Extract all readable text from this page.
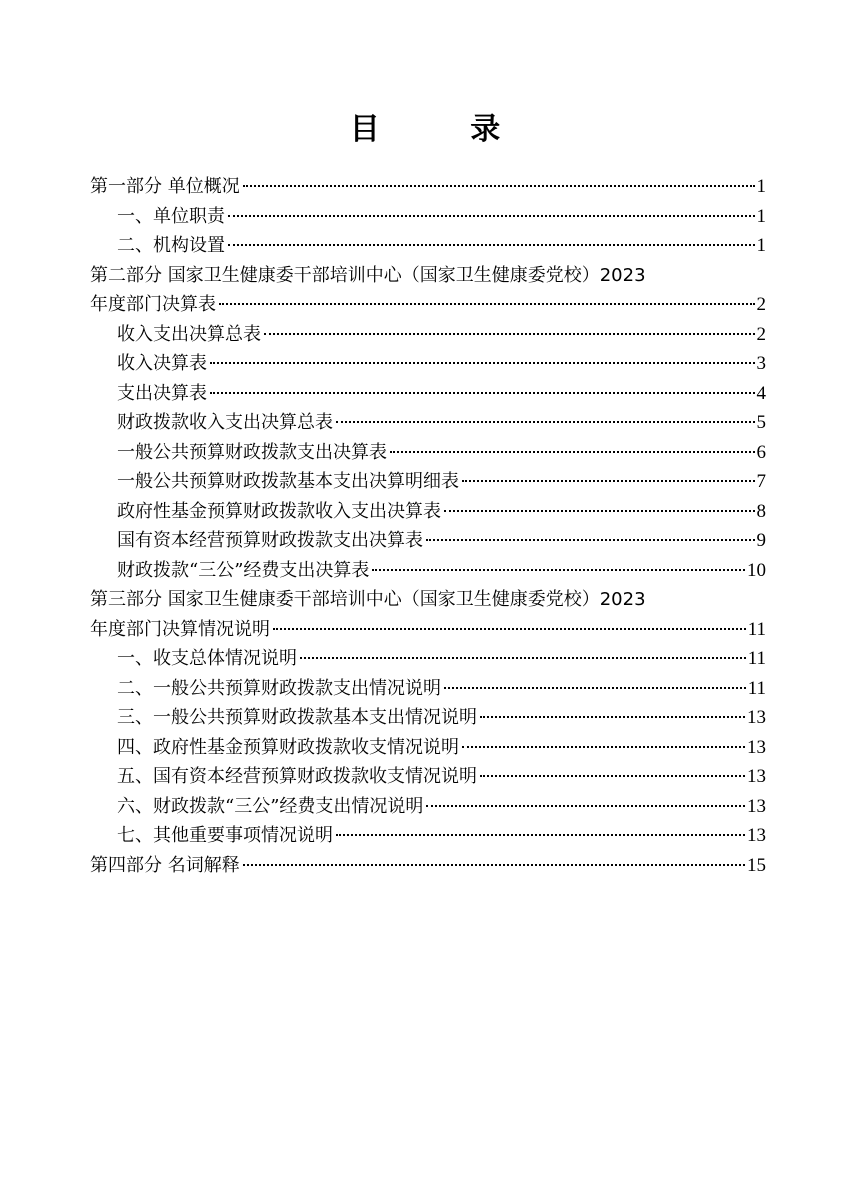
目 录
第一部分 单位概况	1
一、单位职责	1
二、机构设置	1
第二部分 国家卫生健康委干部培训中心（国家卫生健康委党校）2023
年度部门决算表	2
收入支出决算总表	2
收入决算表	3
支出决算表	4
财政拨款收入支出决算总表	5
一般公共预算财政拨款支出决算表	6
一般公共预算财政拨款基本支出决算明细表	7
政府性基金预算财政拨款收入支出决算表	8
国有资本经营预算财政拨款支出决算表	9
财政拨款“三公”经费支出决算表	10
第三部分 国家卫生健康委干部培训中心（国家卫生健康委党校）2023
年度部门决算情况说明	11
一、收支总体情况说明	11
二、一般公共预算财政拨款支出情况说明	11
三、一般公共预算财政拨款基本支出情况说明	13
四、政府性基金预算财政拨款收支情况说明	13
五、国有资本经营预算财政拨款收支情况说明	13
六、财政拨款“三公”经费支出情况说明	13
七、其他重要事项情况说明	13
第四部分 名词解释	15
